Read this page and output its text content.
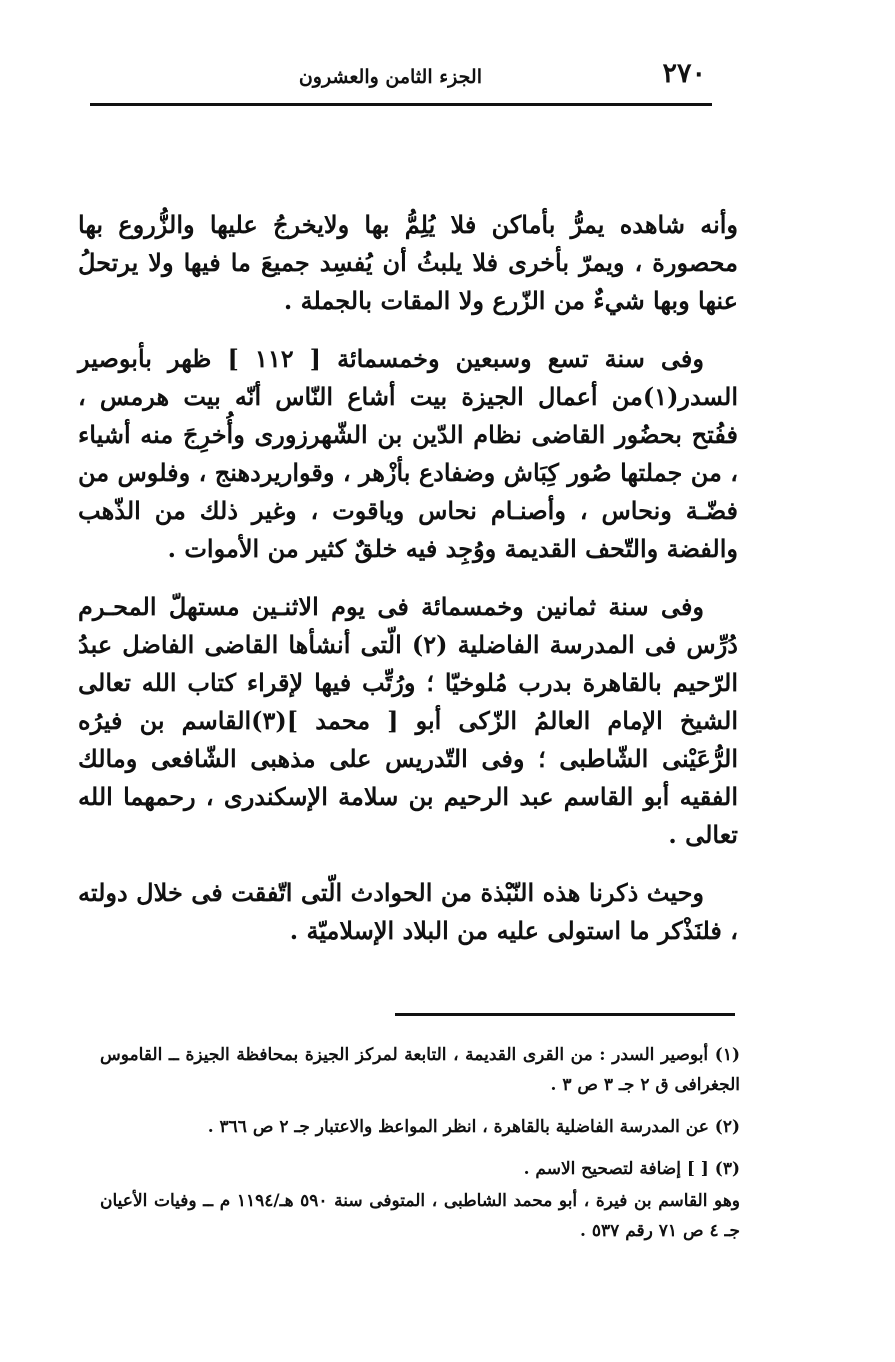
٢٧٠
الجزء الثامن والعشرون

وأنه شاهده يمرُّ بأماكن فلا يُلِمُّ بها ولايخرجُ عليها والزُّروع بها محصورة ، ويمرّ بأخرى فلا يلبثُ أن يُفسِد جميعَ ما فيها ولا يرتحلُ عنها وبها شيءٌ من الزّرع ولا المقات بالجملة .

وفى سنة تسع وسبعين وخمسمائة [ ١١٢ ] ظهر بأبوصير السدر(١)من أعمال الجيزة بيت أشاع النّاس أنّه بيت هرمس ، ففُتح بحضُور القاضى نظام الدّين بن الشّهرزورى وأُخرِجَ منه أشياء ، من جملتها صُور كِبَاش وضفادع بأزْهر ، وقواريردهنج ، وفلوس من فضّـة ونحاس ، وأصنـام نحاس وياقوت ، وغير ذلك من الذّهب والفضة والتّحف القديمة ووُجِد فيه خلقٌ كثير من الأموات .

وفى سنة ثمانين وخمسمائة فى يوم الاثنـين مستهلّ المحـرم دُرِّس فى المدرسة الفاضلية (٢) الّتى أنشأها القاضى الفاضل عبدُ الرّحيم بالقاهرة بدرب مُلوخيّا ؛ ورُتِّب فيها لإقراء كتاب الله تعالى الشيخ الإمام العالمُ الزّكى أبو [ محمد ](٣)القاسم بن فيرُه الرُّعَيْنى الشّاطبى ؛ وفى التّدريس على مذهبى الشّافعى ومالك الفقيه أبو القاسم عبد الرحيم بن سلامة الإسكندرى ، رحمهما الله تعالى .

وحيث ذكرنا هذه النّبْذة من الحوادث الّتى اتّفقت فى خلال دولته ، فلنَذْكر ما استولى عليه من البلاد الإسلاميّة .

(١) أبوصير السدر : من القرى القديمة ، التابعة لمركز الجيزة بمحافظة الجيزة ــ القاموس الجغرافى ق ٢ جـ ٣ ص ٣ .

(٢) عن المدرسة الفاضلية بالقاهرة ، انظر المواعظ والاعتبار جـ ٢ ص ٣٦٦ .

(٣) [ ] إضافة لتصحيح الاسم .

وهو القاسم بن فيرة ، أبو محمد الشاطبى ، المتوفى سنة ٥٩٠ هـ/١١٩٤ م ــ وفيات الأعيان جـ ٤ ص ٧١ رقم ٥٣٧ .
